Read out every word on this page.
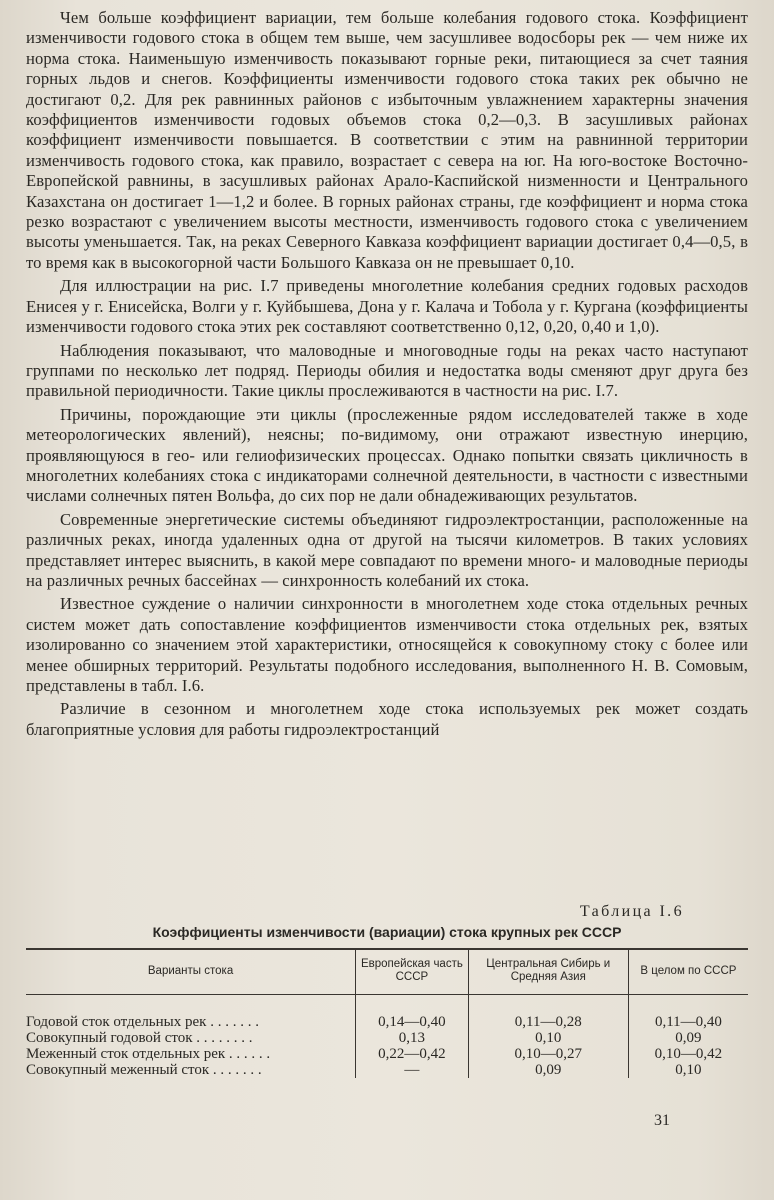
Чем больше коэффициент вариации, тем больше колебания годового стока. Коэффициент изменчивости годового стока в общем тем выше, чем засушливее водосборы рек — чем ниже их норма стока. Наименьшую изменчивость показывают горные реки, питающиеся за счет таяния горных льдов и снегов. Коэффициенты изменчивости годового стока таких рек обычно не достигают 0,2. Для рек равнинных районов с избыточным увлажнением характерны значения коэффициентов изменчивости годовых объемов стока 0,2—0,3. В засушливых районах коэффициент изменчивости повышается. В соответствии с этим на равнинной территории изменчивость годового стока, как правило, возрастает с севера на юг. На юго-востоке Восточно-Европейской равнины, в засушливых районах Арало-Каспийской низменности и Центрального Казахстана он достигает 1—1,2 и более. В горных районах страны, где коэффициент и норма стока резко возрастают с увеличением высоты местности, изменчивость годового стока с увеличением высоты уменьшается. Так, на реках Северного Кавказа коэффициент вариации достигает 0,4—0,5, в то время как в высокогорной части Большого Кавказа он не превышает 0,10.

Для иллюстрации на рис. I.7 приведены многолетние колебания средних годовых расходов Енисея у г. Енисейска, Волги у г. Куйбышева, Дона у г. Калача и Тобола у г. Кургана (коэффициенты изменчивости годового стока этих рек составляют соответственно 0,12, 0,20, 0,40 и 1,0).

Наблюдения показывают, что маловодные и многоводные годы на реках часто наступают группами по несколько лет подряд. Периоды обилия и недостатка воды сменяют друг друга без правильной периодичности. Такие циклы прослеживаются в частности на рис. I.7.

Причины, порождающие эти циклы (прослеженные рядом исследователей также в ходе метеорологических явлений), неясны; по-видимому, они отражают известную инерцию, проявляющуюся в гео- или гелиофизических процессах. Однако попытки связать цикличность в многолетних колебаниях стока с индикаторами солнечной деятельности, в частности с известными числами солнечных пятен Вольфа, до сих пор не дали обнадеживающих результатов.

Современные энергетические системы объединяют гидроэлектростанции, расположенные на различных реках, иногда удаленных одна от другой на тысячи километров. В таких условиях представляет интерес выяснить, в какой мере совпадают по времени много- и маловодные периоды на различных речных бассейнах — синхронность колебаний их стока.

Известное суждение о наличии синхронности в многолетнем ходе стока отдельных речных систем может дать сопоставление коэффициентов изменчивости стока отдельных рек, взятых изолированно со значением этой характеристики, относящейся к совокупному стоку с более или менее обширных территорий. Результаты подобного исследования, выполненного Н. В. Сомовым, представлены в табл. I.6.

Различие в сезонном и многолетнем ходе стока используемых рек может создать благоприятные условия для работы гидроэлектростанций

Таблица I.6
Коэффициенты изменчивости (вариации) стока крупных рек СССР
Варианты стока	Европейская часть СССР	Центральная Сибирь и Средняя Азия	В целом по СССР
Годовой сток отдельных рек . . . . . . .	0,14—0,40	0,11—0,28	0,11—0,40
Совокупный годовой сток . . . . . . . .	0,13	0,10	0,09
Меженный сток отдельных рек . . . . . .	0,22—0,42	0,10—0,27	0,10—0,42
Совокупный меженный сток . . . . . . .	—	0,09	0,10
31
